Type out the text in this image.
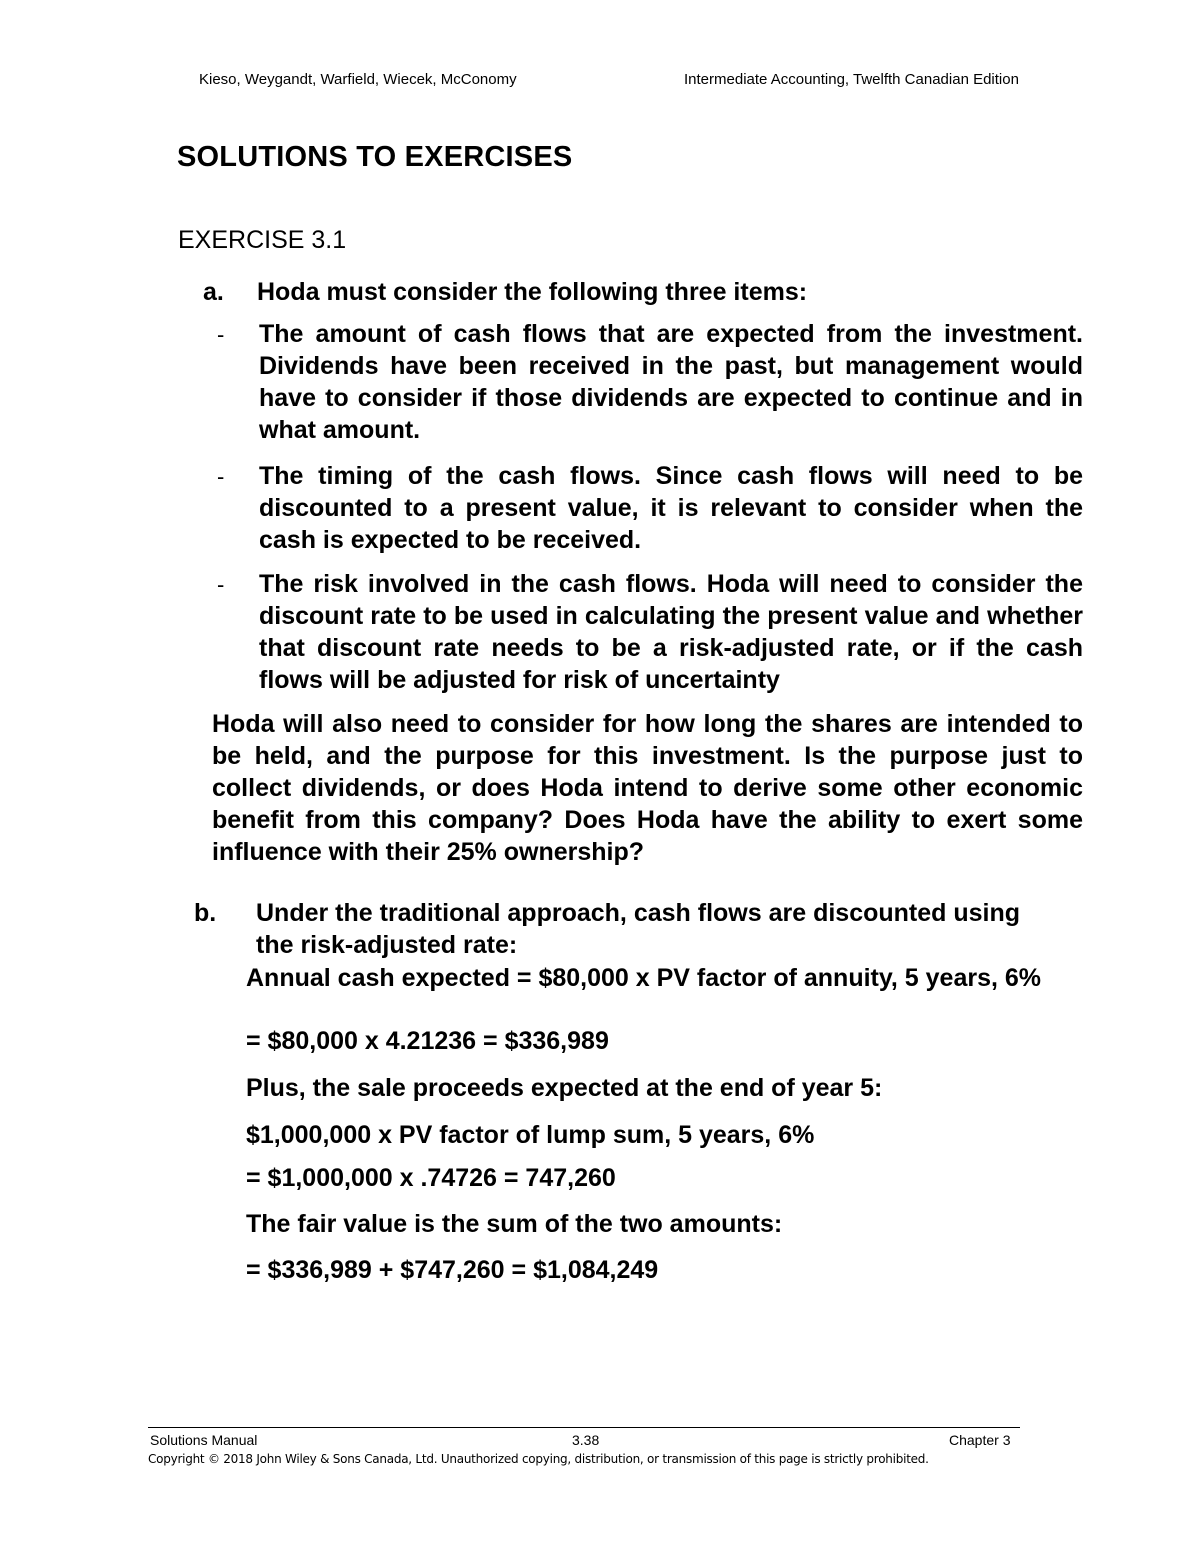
Kieso, Weygandt, Warfield, Wiecek, McConomy	Intermediate Accounting, Twelfth Canadian Edition
SOLUTIONS TO EXERCISES
EXERCISE 3.1
a. Hoda must consider the following three items:
- The amount of cash flows that are expected from the investment. Dividends have been received in the past, but management would have to consider if those dividends are expected to continue and in what amount.
- The timing of the cash flows. Since cash flows will need to be discounted to a present value, it is relevant to consider when the cash is expected to be received.
- The risk involved in the cash flows. Hoda will need to consider the discount rate to be used in calculating the present value and whether that discount rate needs to be a risk-adjusted rate, or if the cash flows will be adjusted for risk of uncertainty
Hoda will also need to consider for how long the shares are intended to be held, and the purpose for this investment. Is the purpose just to collect dividends, or does Hoda intend to derive some other economic benefit from this company? Does Hoda have the ability to exert some influence with their 25% ownership?
b. Under the traditional approach, cash flows are discounted using the risk-adjusted rate:
Annual cash expected = $80,000 x PV factor of annuity, 5 years, 6%
= $80,000 x 4.21236 = $336,989
Plus, the sale proceeds expected at the end of year 5:
$1,000,000 x PV factor of lump sum, 5 years, 6%
= $1,000,000 x .74726 = 747,260
The fair value is the sum of the two amounts:
= $336,989 + $747,260 = $1,084,249
Solutions Manual	3.38	Chapter 3
Copyright © 2018 John Wiley & Sons Canada, Ltd. Unauthorized copying, distribution, or transmission of this page is strictly prohibited.
